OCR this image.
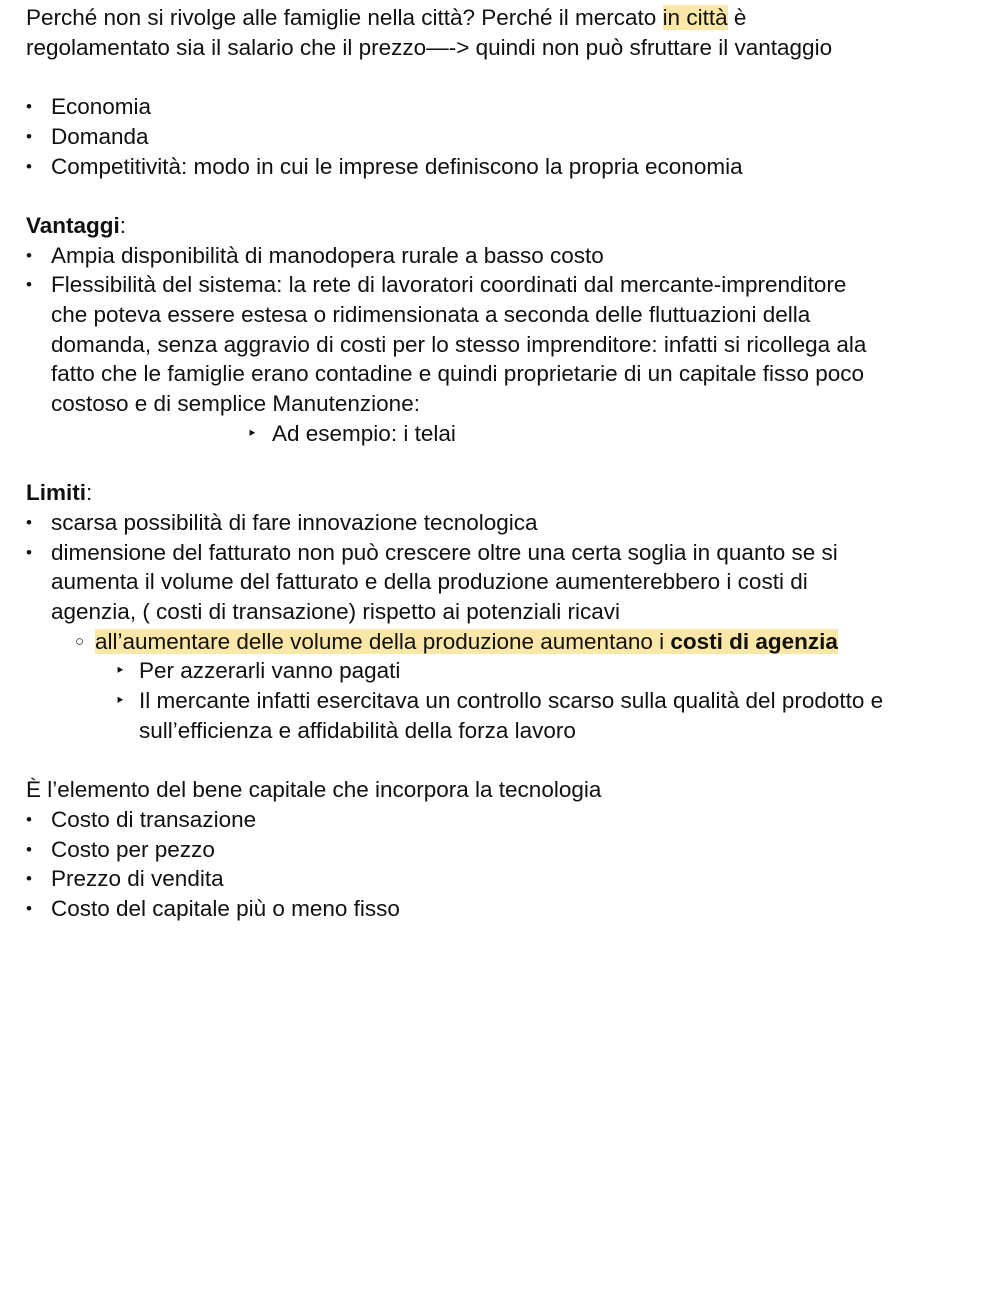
Perché non si rivolge alle famiglie nella città? Perché il mercato in città è
regolamentato sia il salario che il prezzo—-> quindi non può sfruttare il vantaggio
• Economia
• Domanda
• Competitività: modo in cui le imprese definiscono la propria economia
Vantaggi:
• Ampia disponibilità di manodopera rurale a basso costo
• Flessibilità del sistema: la rete di lavoratori coordinati dal mercante-imprenditore
che poteva essere estesa o ridimensionata a seconda delle fluttuazioni della
domanda, senza aggravio di costi per lo stesso imprenditore: infatti si ricollega ala
fatto che le famiglie erano contadine e quindi proprietarie di un capitale fisso poco
costoso e di semplice Manutenzione:
‣ Ad esempio: i telai
Limiti:
• scarsa possibilità di fare innovazione tecnologica
• dimensione del fatturato non può crescere oltre una certa soglia in quanto se si
aumenta il volume del fatturato e della produzione aumenterebbero i costi di
agenzia, ( costi di transazione) rispetto ai potenziali ricavi
○ all’aumentare delle volume della produzione aumentano i costi di agenzia
‣ Per azzerarli vanno pagati
‣ Il mercante infatti esercitava un controllo scarso sulla qualità del prodotto e
sull’efficienza e affidabilità della forza lavoro
È l’elemento del bene capitale che incorpora la tecnologia
• Costo di transazione
• Costo per pezzo
• Prezzo di vendita
• Costo del capitale più o meno fisso
